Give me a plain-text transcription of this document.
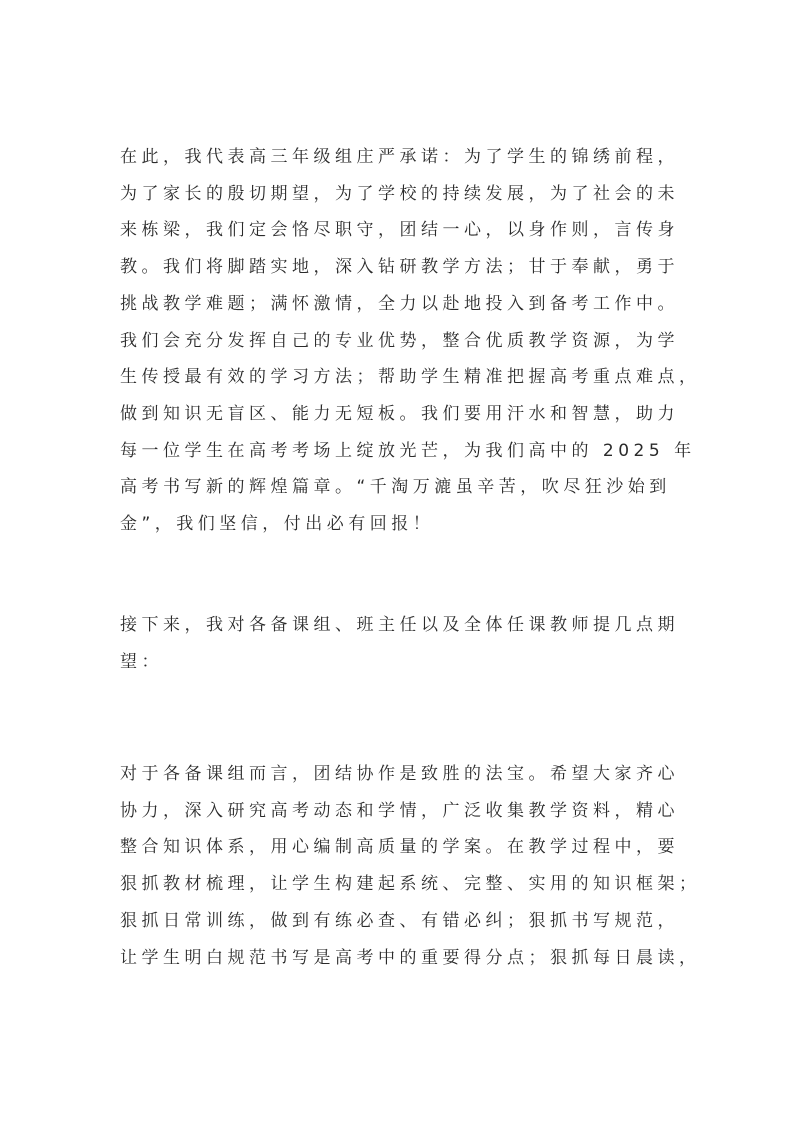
在此，我代表高三年级组庄严承诺：为了学生的锦绣前程，
为了家长的殷切期望，为了学校的持续发展，为了社会的未
来栋梁，我们定会恪尽职守，团结一心，以身作则，言传身
教。我们将脚踏实地，深入钻研教学方法；甘于奉献，勇于
挑战教学难题；满怀激情，全力以赴地投入到备考工作中。
我们会充分发挥自己的专业优势，整合优质教学资源，为学
生传授最有效的学习方法；帮助学生精准把握高考重点难点，
做到知识无盲区、能力无短板。我们要用汗水和智慧，助力
每一位学生在高考考场上绽放光芒，为我们高中的 2025 年
高考书写新的辉煌篇章。“千淘万漉虽辛苦，吹尽狂沙始到
金”，我们坚信，付出必有回报！
接下来，我对各备课组、班主任以及全体任课教师提几点期
望：
对于各备课组而言，团结协作是致胜的法宝。希望大家齐心
协力，深入研究高考动态和学情，广泛收集教学资料，精心
整合知识体系，用心编制高质量的学案。在教学过程中，要
狠抓教材梳理，让学生构建起系统、完整、实用的知识框架；
狠抓日常训练，做到有练必查、有错必纠；狠抓书写规范，
让学生明白规范书写是高考中的重要得分点；狠抓每日晨读，
